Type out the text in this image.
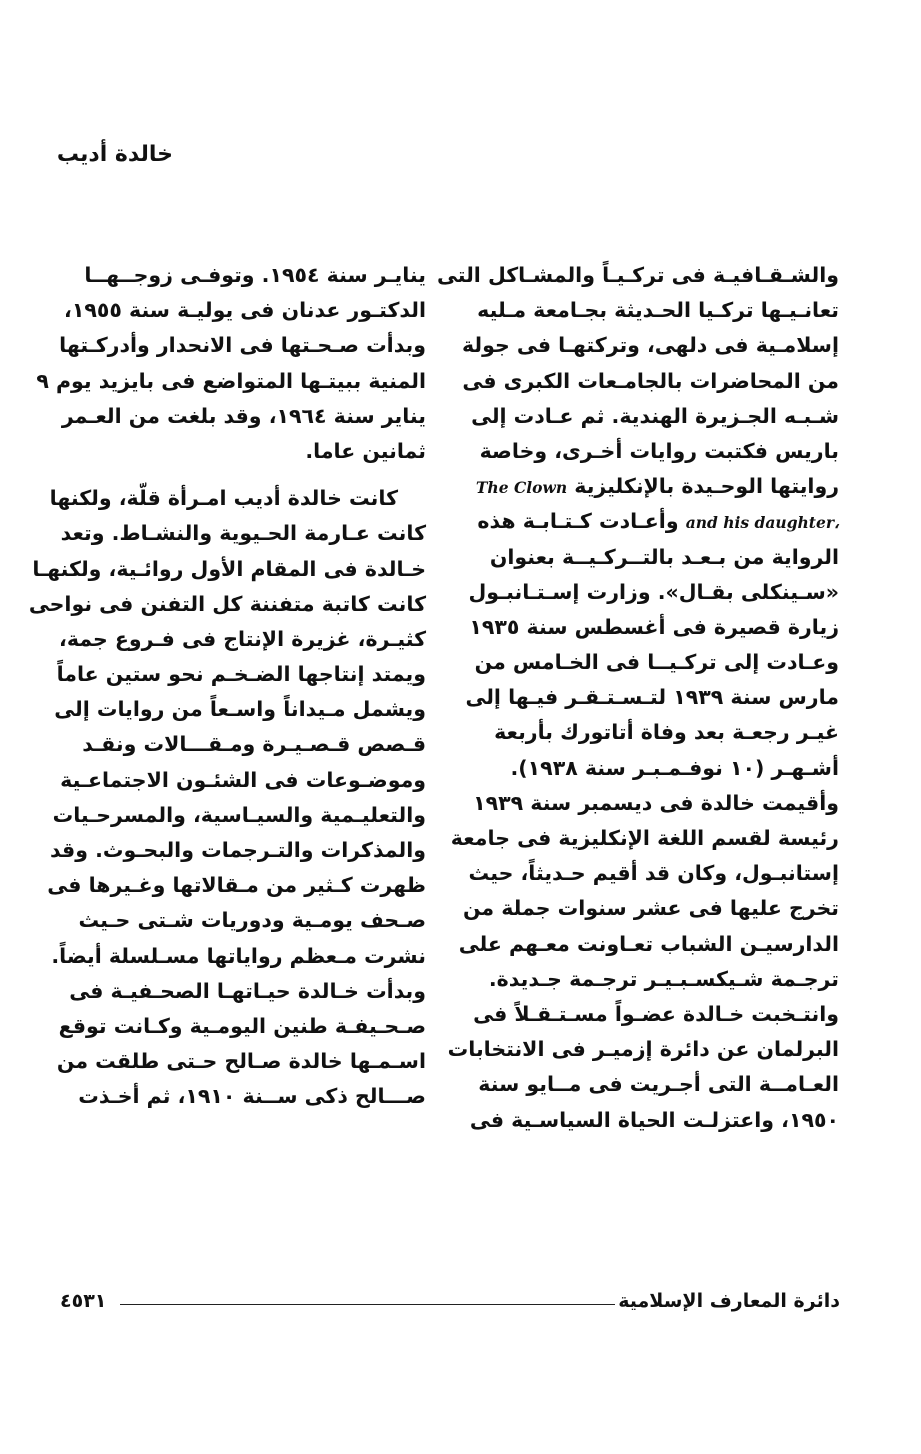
خالدة أديب
والشـقـافيـة فى تركـيـاً والمشـاكل التى
تعانـيـها تركـيا الحـديثة بجـامعة مـليه
إسلامـية فى دلهى، وتركتهـا فى جولة
من المحاضرات بالجامـعات الكبرى فى
شـبـه الجـزيرة الهندية. ثم عـادت إلى
باريس فكتبت روايات أخـرى، وخاصة
روايتها الوحـيدة بالإنكليزية The Clown
and his daughter، وأعـادت كـتـابـة هذه
الرواية من بـعـد بالتــركـيــة بعنوان
«سـينكلى بقـال». وزارت إسـتـانبـول
زيارة قصيرة فى أغسطس سنة ١٩٣٥
وعـادت إلى تركـيــا فى الخـامس من
مارس سنة ١٩٣٩ لتـسـتـقـر فيـها إلى
غيـر رجعـة بعد وفاة أتاتورك بأربعة
أشـهـر (١٠ نوفـمـبـر سنة ١٩٣٨).
وأقيمت خالدة فى ديسمبر سنة ١٩٣٩
رئيسة لقسم اللغة الإنكليزية فى جامعة
إستانبـول، وكان قد أقيم حـديثاً، حيث
تخرج عليها فى عشر سنوات جملة من
الدارسيـن الشباب تعـاونت معـهم على
ترجـمة شـيكسـبـيـر ترجـمة جـديدة.
وانتـخبت خـالدة عضـواً مسـتـقـلاً فى
البرلمان عن دائرة إزميـر فى الانتخابات
العـامــة التى أجـريت فى مــايو سنة
١٩٥٠، واعتزلـت الحياة السياسـية فى
ينايـر سنة ١٩٥٤. وتوفـى زوجــهــا
الدكتـور عدنان فى يوليـة سنة ١٩٥٥،
وبدأت صـحـتها فى الانحدار وأدركـتها
المنية ببيتـها المتواضع فى بايزيد يوم ٩
يناير سنة ١٩٦٤، وقد بلغت من العـمر
ثمانين عاما.
كانت خالدة أديب امـرأة قلّة، ولكنها
كانت عـارمة الحـيوية والنشـاط. وتعد
خـالدة فى المقام الأول روائـية، ولكنهـا
كانت كاتبة متفننة كل التفنن فى نواحى
كثيـرة، غزيرة الإنتاج فى فـروع جمة،
ويمتد إنتاجها الضـخـم نحو ستين عاماً
ويشمل مـيداناً واسـعاً من روايات إلى
قـصص قـصـيـرة ومـقـــالات ونقـد
وموضـوعات فى الشئـون الاجتماعـية
والتعليـمية والسيـاسية، والمسرحـيات
والمذكرات والتـرجمات والبحـوث. وقد
ظهرت كـثير من مـقالاتها وغـيرها فى
صـحف يومـية ودوريات شـتى حـيث
نشرت مـعظم رواياتها مسـلسلة أيضاً.
وبدأت خـالدة حيـاتهـا الصحـفيـة فى
صـحـيفـة طنين اليومـية وكـانت توقع
اسـمـها خالدة صـالح حـتى طلقت من
صـــالح ذكى ســنة ١٩١٠، ثم أخـذت
دائرة المعارف الإسلامية
٤٥٣١
